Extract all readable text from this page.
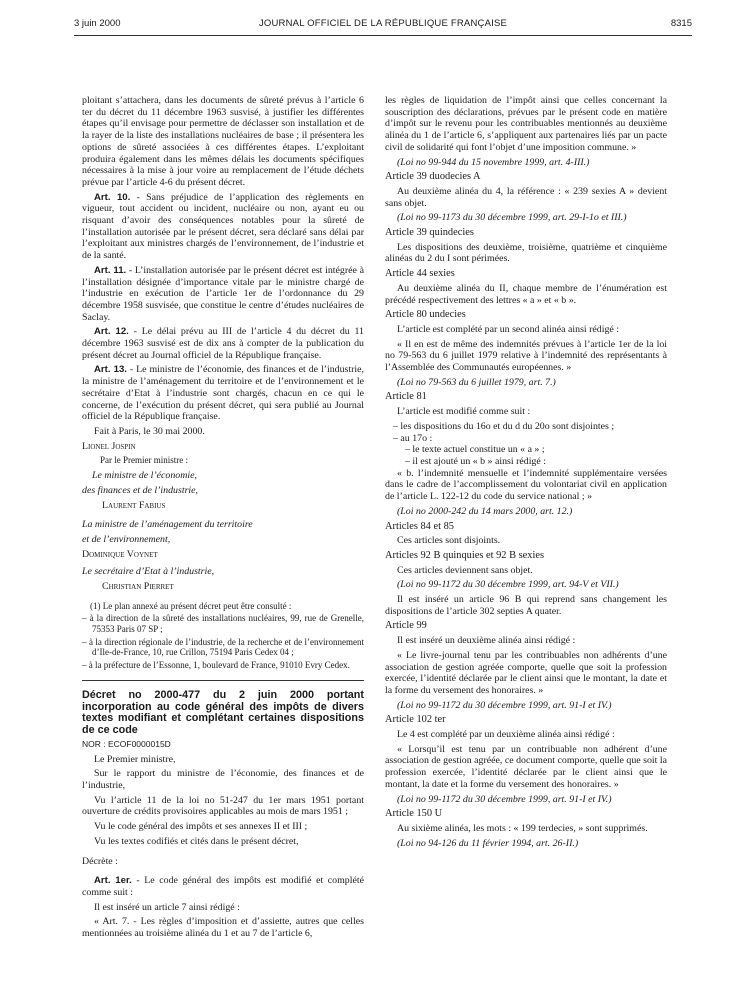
3 juin 2000	JOURNAL OFFICIEL DE LA RÉPUBLIQUE FRANÇAISE	8315

ploitant s’attachera, dans les documents de sûreté prévus à l’article 6 ter du décret du 11 décembre 1963 susvisé, à justifier les différentes étapes qu’il envisage pour permettre de déclasser son installation et de la rayer de la liste des installations nucléaires de base ; il présentera les options de sûreté associées à ces différentes étapes. L’exploitant produira également dans les mêmes délais les documents spécifiques nécessaires à la mise à jour voire au remplacement de l’étude déchets prévue par l’article 4-6 du présent décret.

Art. 10. - Sans préjudice de l’application des règlements en vigueur, tout accident ou incident, nucléaire ou non, ayant eu ou risquant d’avoir des conséquences notables pour la sûreté de l’installation autorisée par le présent décret, sera déclaré sans délai par l’exploitant aux ministres chargés de l’environnement, de l’industrie et de la santé.

Art. 11. - L’installation autorisée par le présent décret est intégrée à l’installation désignée d’importance vitale par le ministre chargé de l’industrie en exécution de l’article 1er de l’ordonnance du 29 décembre 1958 susvisée, que constitue le centre d’études nucléaires de Saclay.

Art. 12. - Le délai prévu au III de l’article 4 du décret du 11 décembre 1963 susvisé est de dix ans à compter de la publication du présent décret au Journal officiel de la République française.

Art. 13. - Le ministre de l’économie, des finances et de l’industrie, la ministre de l’aménagement du territoire et de l’environnement et le secrétaire d’Etat à l’industrie sont chargés, chacun en ce qui le concerne, de l’exécution du présent décret, qui sera publié au Journal officiel de la République française.

Fait à Paris, le 30 mai 2000.

Lionel Jospin

Par le Premier ministre :

Le ministre de l’économie,

des finances et de l’industrie,

Laurent Fabius

La ministre de l’aménagement du territoire

et de l’environnement,

Dominique Voynet

Le secrétaire d’Etat à l’industrie,

Christian Pierret

(1) Le plan annexé au présent décret peut être consulté :

– à la direction de la sûreté des installations nucléaires, 99, rue de Grenelle, 75353 Paris 07 SP ;

– à la direction régionale de l’industrie, de la recherche et de l’environnement d’Ile-de-France, 10, rue Crillon, 75194 Paris Cedex 04 ;

– à la préfecture de l’Essonne, 1, boulevard de France, 91010 Evry Cedex.

Décret no 2000-477 du 2 juin 2000 portant incorporation au code général des impôts de divers textes modifiant et complétant certaines dispositions de ce code

NOR : ECOF0000015D

Le Premier ministre,

Sur le rapport du ministre de l’économie, des finances et de l’industrie,

Vu l’article 11 de la loi no 51-247 du 1er mars 1951 portant ouverture de crédits provisoires applicables au mois de mars 1951 ;

Vu le code général des impôts et ses annexes II et III ;

Vu les textes codifiés et cités dans le présent décret,

Décrète :

Art. 1er. - Le code général des impôts est modifié et complété comme suit :

Il est inséré un article 7 ainsi rédigé :

« Art. 7. - Les règles d’imposition et d’assiette, autres que celles mentionnées au troisième alinéa du 1 et au 7 de l’article 6,

les règles de liquidation de l’impôt ainsi que celles concernant la souscription des déclarations, prévues par le présent code en matière d’impôt sur le revenu pour les contribuables mentionnés au deuxième alinéa du 1 de l’article 6, s’appliquent aux partenaires liés par un pacte civil de solidarité qui font l’objet d’une imposition commune. »

(Loi no 99-944 du 15 novembre 1999, art. 4-III.)

Article 39 duodecies A

Au deuxième alinéa du 4, la référence : « 239 sexies A » devient sans objet.

(Loi no 99-1173 du 30 décembre 1999, art. 29-I-1o et III.)

Article 39 quindecies

Les dispositions des deuxième, troisième, quatrième et cinquième alinéas du 2 du I sont périmées.

Article 44 sexies

Au deuxième alinéa du II, chaque membre de l’énumération est précédé respectivement des lettres « a » et « b ».

Article 80 undecies

L’article est complété par un second alinéa ainsi rédigé :

« Il en est de même des indemnités prévues à l’article 1er de la loi no 79-563 du 6 juillet 1979 relative à l’indemnité des représentants à l’Assemblée des Communautés européennes. »

(Loi no 79-563 du 6 juillet 1979, art. 7.)

Article 81

L’article est modifié comme suit :

– les dispositions du 16o et du d du 20o sont disjointes ;

– au 17o :

– le texte actuel constitue un « a » ;

– il est ajouté un « b » ainsi rédigé :

« b. l’indemnité mensuelle et l’indemnité supplémentaire versées dans le cadre de l’accomplissement du volontariat civil en application de l’article L. 122-12 du code du service national ; »

(Loi no 2000-242 du 14 mars 2000, art. 12.)

Articles 84 et 85

Ces articles sont disjoints.

Articles 92 B quinquies et 92 B sexies

Ces articles deviennent sans objet.

(Loi no 99-1172 du 30 décembre 1999, art. 94-V et VII.)

Il est inséré un article 96 B qui reprend sans changement les dispositions de l’article 302 septies A quater.

Article 99

Il est inséré un deuxième alinéa ainsi rédigé :

« Le livre-journal tenu par les contribuables non adhérents d’une association de gestion agréée comporte, quelle que soit la profession exercée, l’identité déclarée par le client ainsi que le montant, la date et la forme du versement des honoraires. »

(Loi no 99-1172 du 30 décembre 1999, art. 91-I et IV.)

Article 102 ter

Le 4 est complété par un deuxième alinéa ainsi rédigé :

« Lorsqu’il est tenu par un contribuable non adhérent d’une association de gestion agréée, ce document comporte, quelle que soit la profession exercée, l’identité déclarée par le client ainsi que le montant, la date et la forme du versement des honoraires. »

(Loi no 99-1172 du 30 décembre 1999, art. 91-I et IV.)

Article 150 U

Au sixième alinéa, les mots : « 199 terdecies, » sont supprimés.

(Loi no 94-126 du 11 février 1994, art. 26-II.)
